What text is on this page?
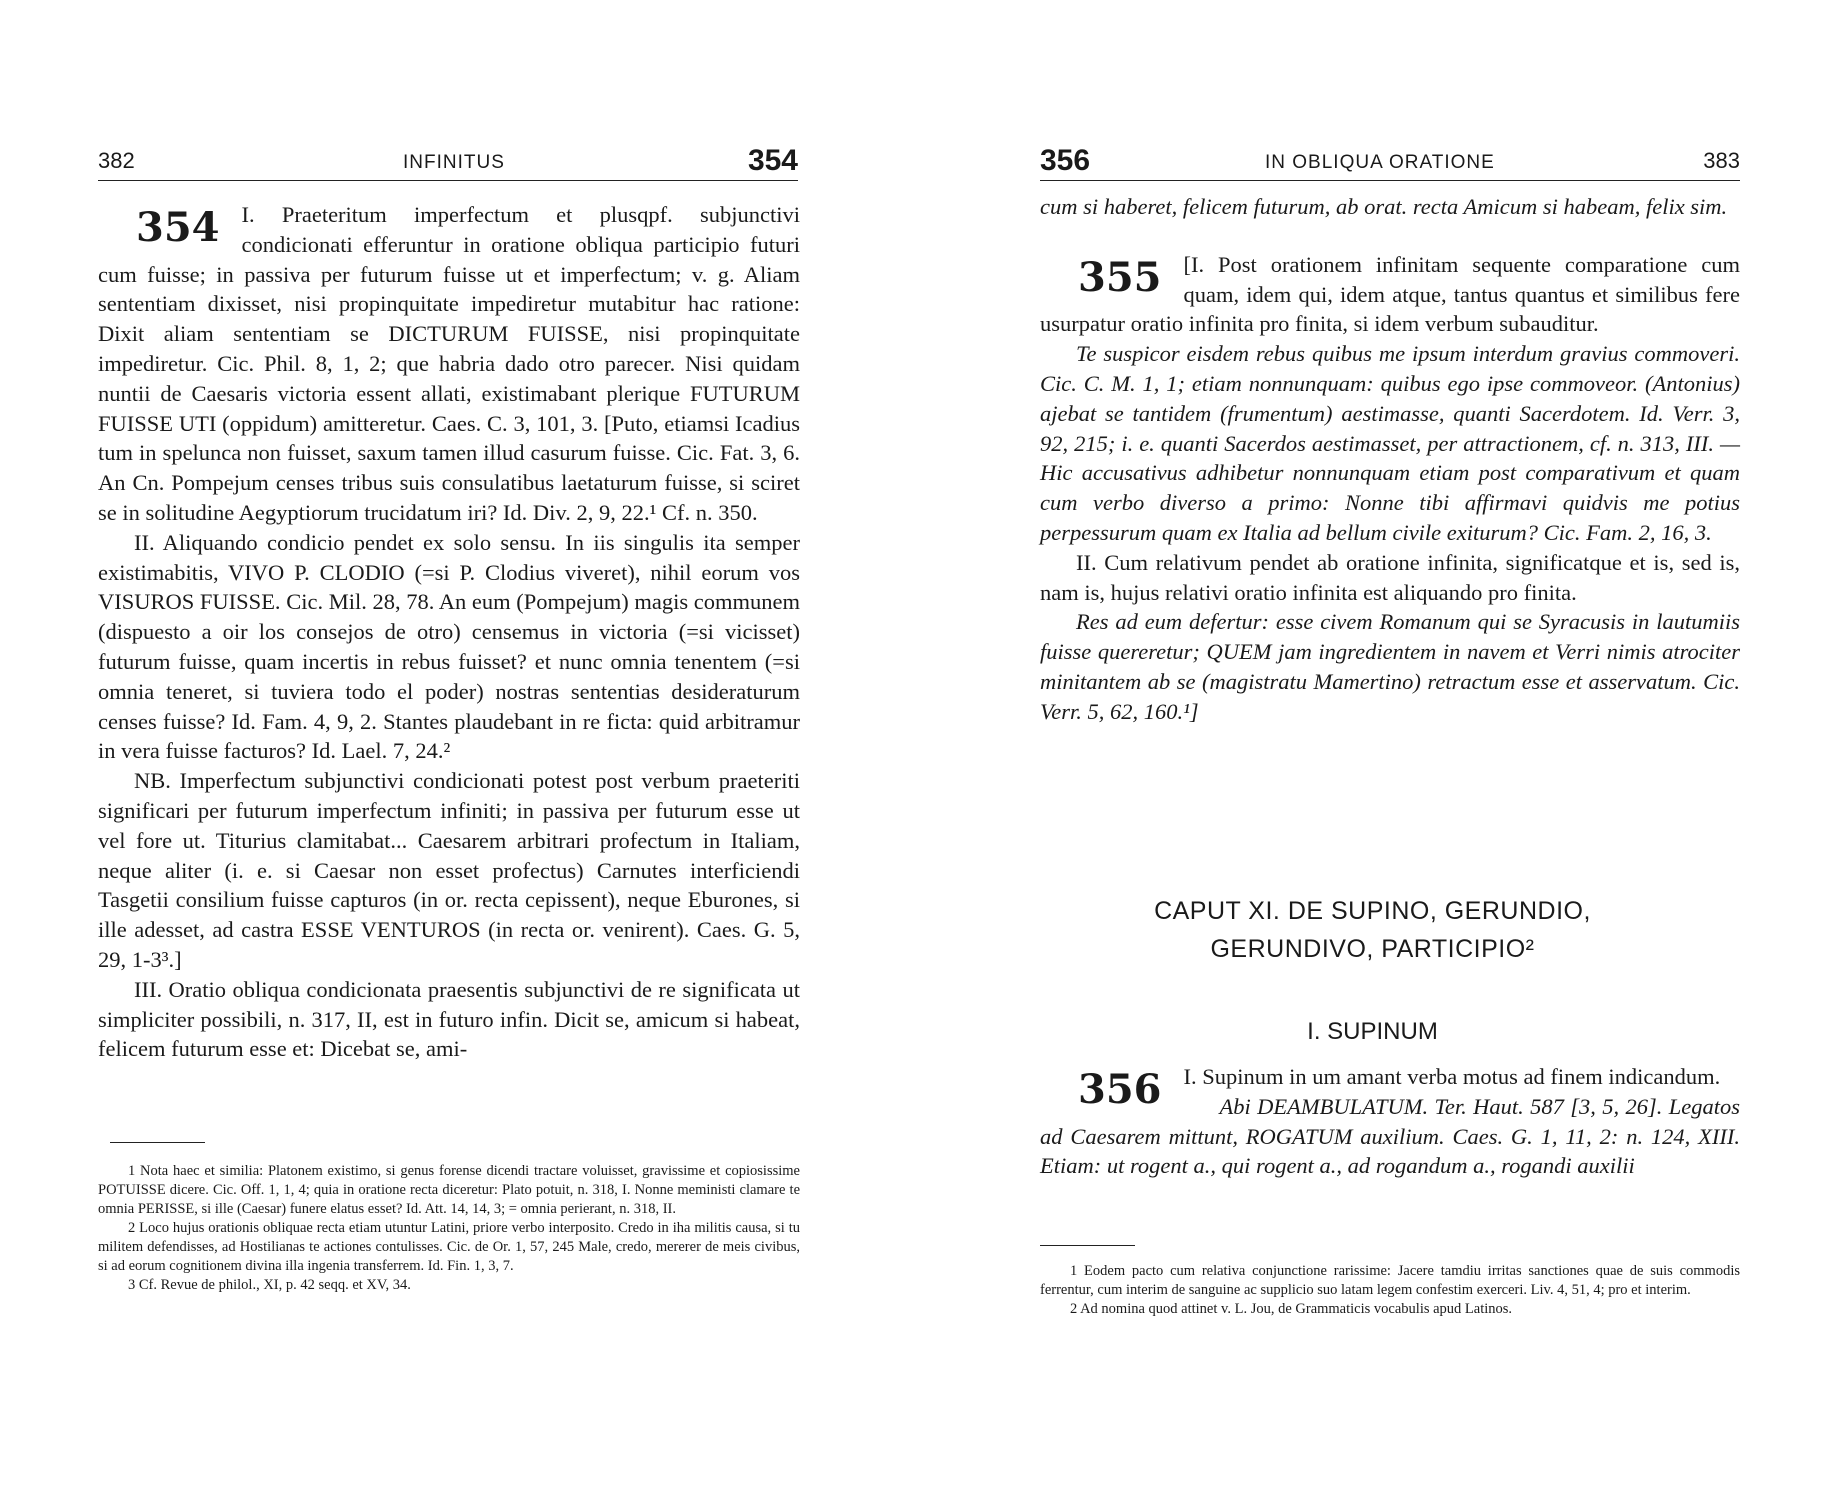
382	INFINITUS	354

354 I. Praeteritum imperfectum et plusqpf. subjunctivi condicionati efferuntur in oratione obliqua participio futuri cum fuisse; in passiva per futurum fuisse ut et imperfectum; v. g. Aliam sententiam dixisset, nisi propinquitate impediretur mutabitur hac ratione: Dixit aliam sententiam se DICTURUM FUISSE, nisi propinquitate impediretur. Cic. Phil. 8, 1, 2; que habria dado otro parecer. Nisi quidam nuntii de Caesaris victoria essent allati, existimabant plerique FUTURUM FUISSE UTI (oppidum) amitteretur. Caes. C. 3, 101, 3. [Puto, etiamsi Icadius tum in spelunca non fuisset, saxum tamen illud casurum fuisse. Cic. Fat. 3, 6. An Cn. Pompejum censes tribus suis consulatibus laetaturum fuisse, si sciret se in solitudine Aegyptiorum trucidatum iri? Id. Div. 2, 9, 22.¹ Cf. n. 350.

II. Aliquando condicio pendet ex solo sensu. In iis singulis ita semper existimabitis, VIVO P. CLODIO (=si P. Clodius viveret), nihil eorum vos VISUROS FUISSE. Cic. Mil. 28, 78. An eum (Pompejum) magis communem (dispuesto a oir los consejos de otro) censemus in victoria (=si vicisset) futurum fuisse, quam incertis in rebus fuisset? et nunc omnia tenentem (=si omnia teneret, si tuviera todo el poder) nostras sententias desideraturum censes fuisse? Id. Fam. 4, 9, 2. Stantes plaudebant in re ficta: quid arbitramur in vera fuisse facturos? Id. Lael. 7, 24.²

NB. Imperfectum subjunctivi condicionati potest post verbum praeteriti significari per futurum imperfectum infiniti; in passiva per futurum esse ut vel fore ut. Titurius clamitabat... Caesarem arbitrari profectum in Italiam, neque aliter (i. e. si Caesar non esset profectus) Carnutes interficiendi Tasgetii consilium fuisse capturos (in or. recta cepissent), neque Eburones, si ille adesset, ad castra ESSE VENTUROS (in recta or. venirent). Caes. G. 5, 29, 1-3³.]

III. Oratio obliqua condicionata praesentis subjunctivi de re significata ut simpliciter possibili, n. 317, II, est in futuro infin. Dicit se, amicum si habeat, felicem futurum esse et: Dicebat se, ami-

1 Nota haec et similia: Platonem existimo, si genus forense dicendi tractare voluisset, gravissime et copiosissime POTUISSE dicere. Cic. Off. 1, 1, 4; quia in oratione recta diceretur: Plato potuit, n. 318, I. Nonne meministi clamare te omnia PERISSE, si ille (Caesar) funere elatus esset? Id. Att. 14, 14, 3; = omnia perierant, n. 318, II.

2 Loco hujus orationis obliquae recta etiam utuntur Latini, priore verbo interposito. Credo in iha militis causa, si tu militem defendisses, ad Hostilianas te actiones contulisses. Cic. de Or. 1, 57, 245 Male, credo, mererer de meis civibus, si ad eorum cognitionem divina illa ingenia transferrem. Id. Fin. 1, 3, 7.

3 Cf. Revue de philol., XI, p. 42 seqq. et XV, 34.

356	IN OBLIQUA ORATIONE	383

cum si haberet, felicem futurum, ab orat. recta Amicum si habeam, felix sim.

355 [I. Post orationem infinitam sequente comparatione cum quam, idem qui, idem atque, tantus quantus et similibus fere usurpatur oratio infinita pro finita, si idem verbum subauditur.

Te suspicor eisdem rebus quibus me ipsum interdum gravius commoveri. Cic. C. M. 1, 1; etiam nonnunquam: quibus ego ipse commoveor. (Antonius) ajebat se tantidem (frumentum) aestimasse, quanti Sacerdotem. Id. Verr. 3, 92, 215; i. e. quanti Sacerdos aestimasset, per attractionem, cf. n. 313, III. — Hic accusativus adhibetur nonnunquam etiam post comparativum et quam cum verbo diverso a primo: Nonne tibi affirmavi quidvis me potius perpessurum quam ex Italia ad bellum civile exiturum? Cic. Fam. 2, 16, 3.

II. Cum relativum pendet ab oratione infinita, significatque et is, sed is, nam is, hujus relativi oratio infinita est aliquando pro finita.

Res ad eum defertur: esse civem Romanum qui se Syracusis in lautumiis fuisse quereretur; QUEM jam ingredientem in navem et Verri nimis atrociter minitantem ab se (magistratu Mamertino) retractum esse et asservatum. Cic. Verr. 5, 62, 160.¹]

CAPUT XI. DE SUPINO, GERUNDIO,
GERUNDIVO, PARTICIPIO²
I. SUPINUM

356 I. Supinum in um amant verba motus ad finem indicandum.

Abi DEAMBULATUM. Ter. Haut. 587 [3, 5, 26]. Legatos ad Caesarem mittunt, ROGATUM auxilium. Caes. G. 1, 11, 2: n. 124, XIII. Etiam: ut rogent a., qui rogent a., ad rogandum a., rogandi auxilii

1 Eodem pacto cum relativa conjunctione rarissime: Jacere tamdiu irritas sanctiones quae de suis commodis ferrentur, cum interim de sanguine ac supplicio suo latam legem confestim exerceri. Liv. 4, 51, 4; pro et interim.

2 Ad nomina quod attinet v. L. Jou, de Grammaticis vocabulis apud Latinos.
